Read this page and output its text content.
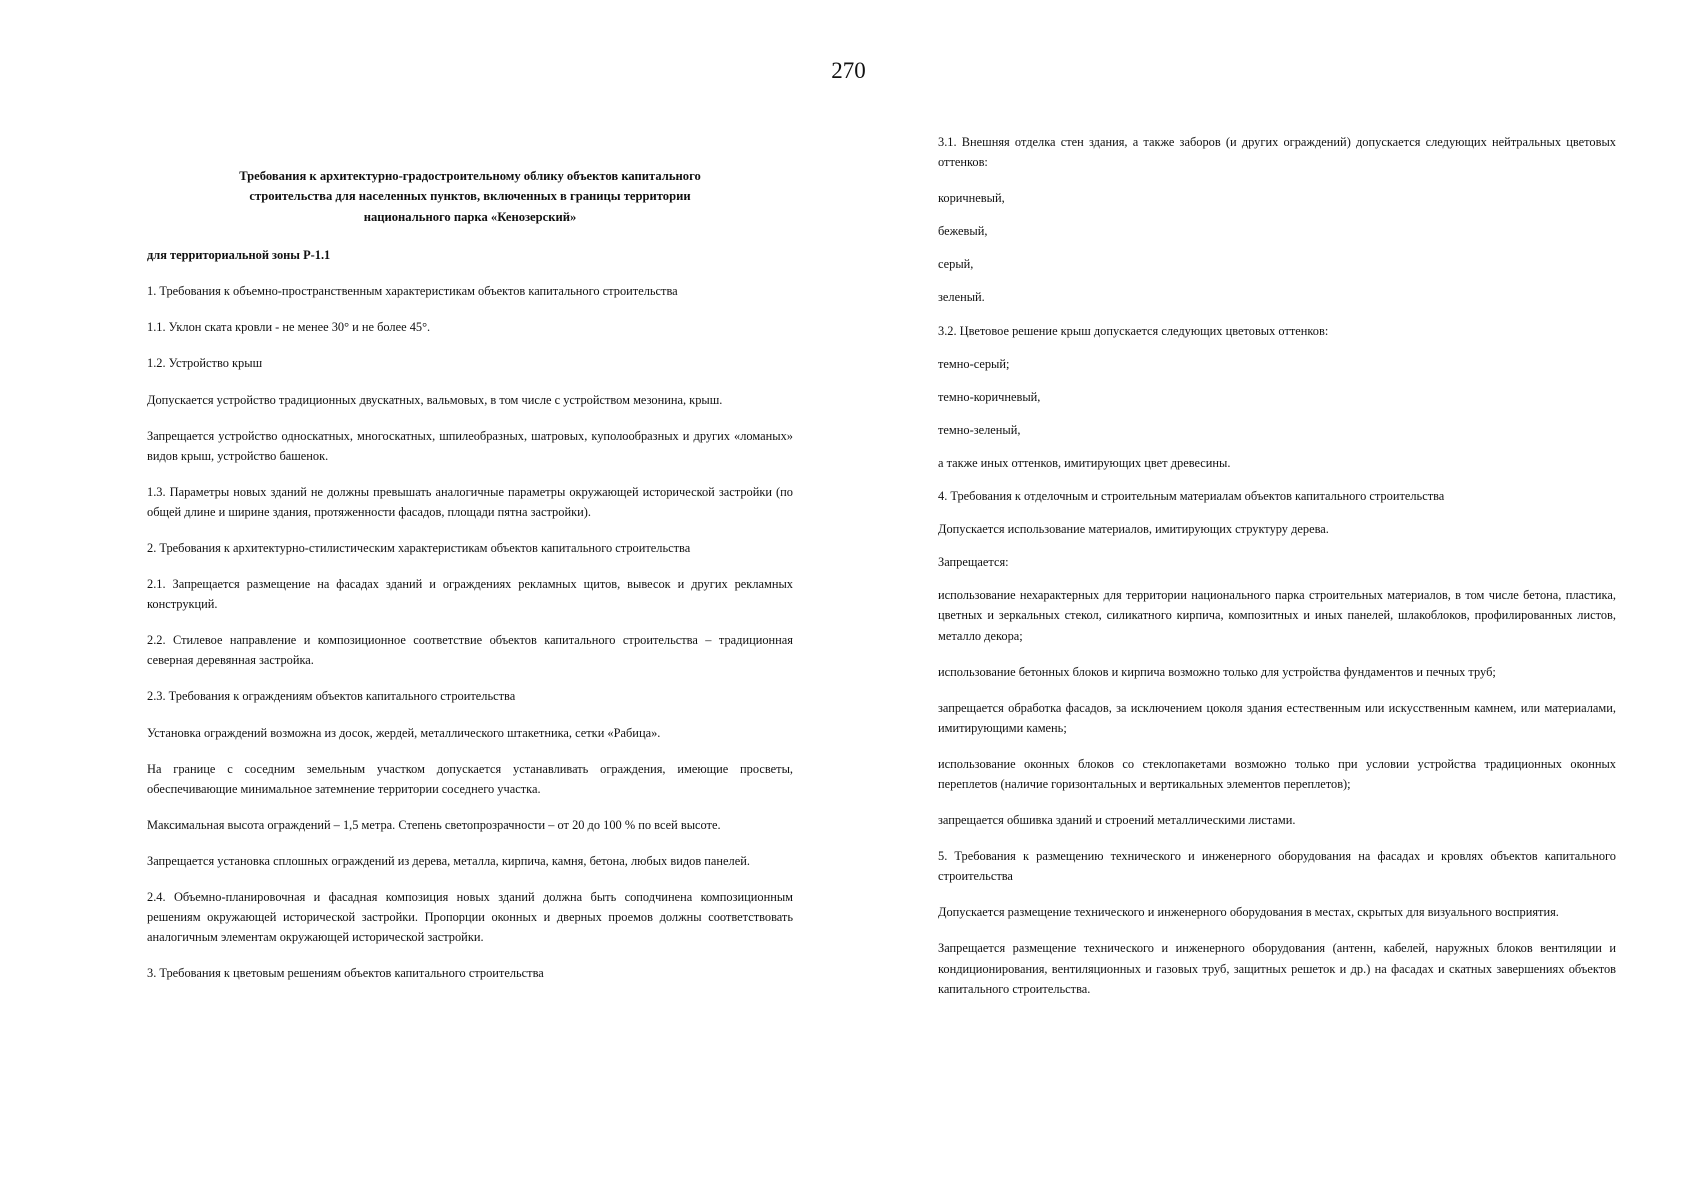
270
Требования к архитектурно-градостроительному облику объектов капитального
строительства для населенных пунктов, включенных в границы территории
национального парка «Кенозерский»

для территориальной зоны Р-1.1

1. Требования к объемно-пространственным характеристикам объектов капитального строительства

1.1. Уклон ската кровли - не менее 30° и не более 45°.

1.2. Устройство крыш

Допускается устройство традиционных двускатных, вальмовых, в том числе с устройством мезонина, крыш.

Запрещается устройство односкатных, многоскатных, шпилеобразных, шатровых, куполообразных и других «ломаных» видов крыш, устройство башенок.

1.3. Параметры новых зданий не должны превышать аналогичные параметры окружающей исторической застройки (по общей длине и ширине здания, протяженности фасадов, площади пятна застройки).

2. Требования к архитектурно-стилистическим характеристикам объектов капитального строительства

2.1. Запрещается размещение на фасадах зданий и ограждениях рекламных щитов, вывесок и других рекламных конструкций.

2.2. Стилевое направление и композиционное соответствие объектов капитального строительства – традиционная северная деревянная застройка.

2.3. Требования к ограждениям объектов капитального строительства

Установка ограждений возможна из досок, жердей, металлического штакетника, сетки «Рабица».

На границе с соседним земельным участком допускается устанавливать ограждения, имеющие просветы, обеспечивающие минимальное затемнение территории соседнего участка.

Максимальная высота ограждений – 1,5 метра. Степень светопрозрачности – от 20 до 100 % по всей высоте.

Запрещается установка сплошных ограждений из дерева, металла, кирпича, камня, бетона, любых видов панелей.

2.4. Объемно-планировочная и фасадная композиция новых зданий должна быть соподчинена композиционным решениям окружающей исторической застройки. Пропорции оконных и дверных проемов должны соответствовать аналогичным элементам окружающей исторической застройки.

3. Требования к цветовым решениям объектов капитального строительства

3.1. Внешняя отделка стен здания, а также заборов (и других ограждений) допускается следующих нейтральных цветовых оттенков:

коричневый,

бежевый,

серый,

зеленый.

3.2. Цветовое решение крыш допускается следующих цветовых оттенков:

темно-серый;

темно-коричневый,

темно-зеленый,

а также иных оттенков, имитирующих цвет древесины.

4. Требования к отделочным и строительным материалам объектов капитального строительства

Допускается использование материалов, имитирующих структуру дерева.

Запрещается:

использование нехарактерных для территории национального парка строительных материалов, в том числе бетона, пластика, цветных и зеркальных стекол, силикатного кирпича, композитных и иных панелей, шлакоблоков, профилированных листов, металло декора;

использование бетонных блоков и кирпича возможно только для устройства фундаментов и печных труб;

запрещается обработка фасадов, за исключением цоколя здания естественным или искусственным камнем, или материалами, имитирующими камень;

использование оконных блоков со стеклопакетами возможно только при условии устройства традиционных оконных переплетов (наличие горизонтальных и вертикальных элементов переплетов);

запрещается обшивка зданий и строений металлическими листами.

5. Требования к размещению технического и инженерного оборудования на фасадах и кровлях объектов капитального строительства

Допускается размещение технического и инженерного оборудования в местах, скрытых для визуального восприятия.

Запрещается размещение технического и инженерного оборудования (антенн, кабелей, наружных блоков вентиляции и кондиционирования, вентиляционных и газовых труб, защитных решеток и др.) на фасадах и скатных завершениях объектов капитального строительства.
